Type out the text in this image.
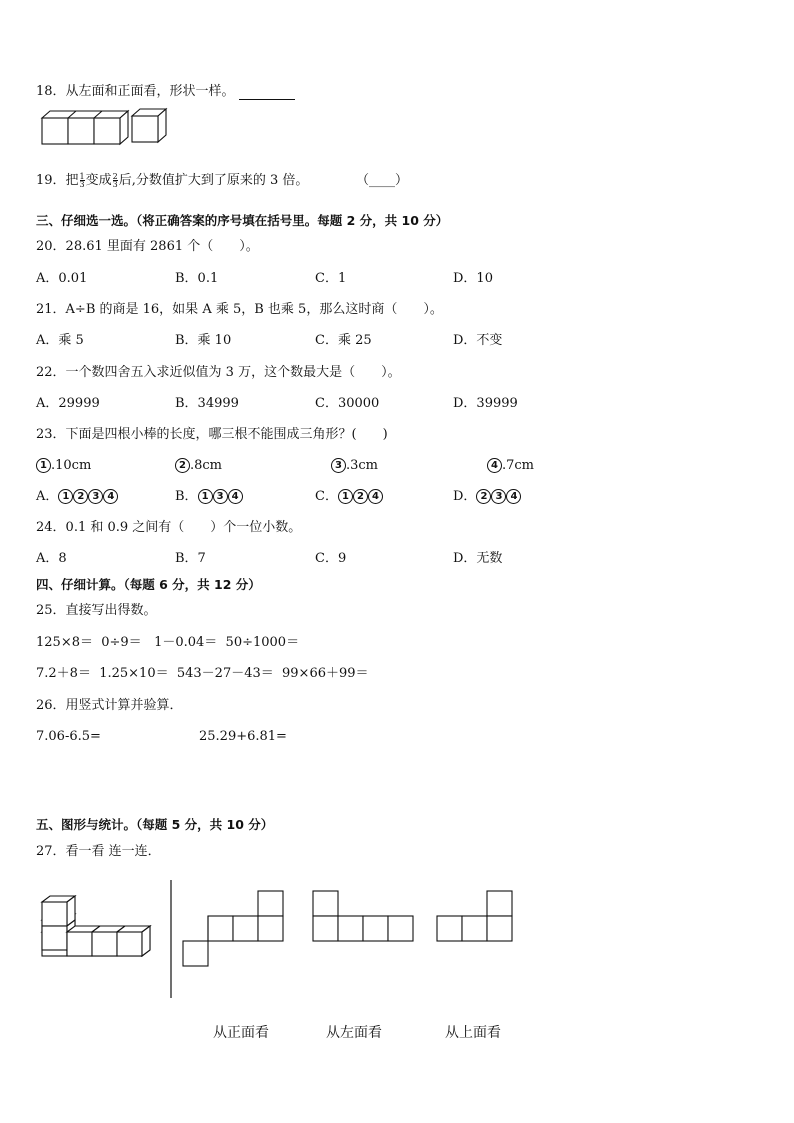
18．从左面和正面看，形状一样。
19．把 $\frac{1}{3}$ 变成 $\frac{2}{3}$ 后,分数值扩大到了原来的 3 倍。	（____）
三、仔细选一选。（将正确答案的序号填在括号里。每题 2 分，共 10 分）
20．28.61 里面有 2861 个（　　）。
A．0.01	B．0.1	C．1	D．10
21．A÷B 的商是 16，如果 A 乘 5，B 也乘 5，那么这时商（　　）。
A．乘 5	B．乘 10	C．乘 25	D．不变
22．一个数四舍五入求近似值为 3 万，这个数最大是（　　）。
A．29999	B．34999	C．30000	D．39999
23．下面是四根小棒的长度，哪三根不能围成三角形？(　　)
1 .10cm	2 .8cm	3 .3cm	4 .7cm
A． 1 2 3 4	B． 1 3 4	C． 1 2 4	D． 2 3 4
24．0.1 和 0.9 之间有（　　）个一位小数。
A．8	B．7	C．9	D．无数
四、仔细计算。（每题 6 分，共 12 分）
25．直接写出得数。
125×8＝  0÷9＝   1－0.04＝  50÷1000＝
7.2＋8＝  1.25×10＝  543－27－43＝  99×66＋99＝
26．用竖式计算并验算．
7.06-6.5=	25.29+6.81=
五、图形与统计。（每题 5 分，共 10 分）
27．看一看 连一连．
从正面看	从左面看	从上面看
